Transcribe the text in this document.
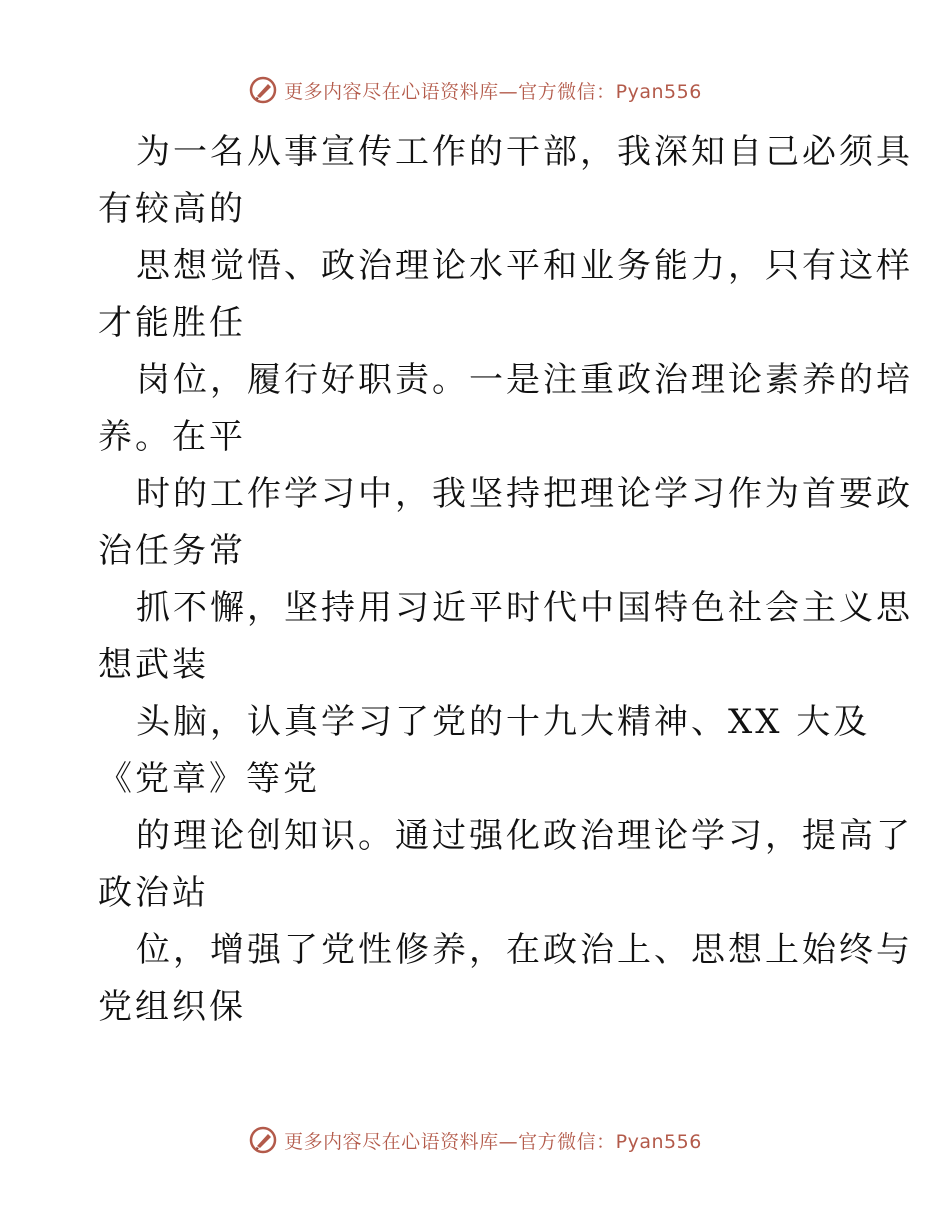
更多内容尽在心语资料库—官方微信：Pyan556

为一名从事宣传工作的干部，我深知自己必须具

有较高的

思想觉悟、政治理论水平和业务能力，只有这样

才能胜任

岗位，履行好职责。一是注重政治理论素养的培

养。在平

时的工作学习中，我坚持把理论学习作为首要政

治任务常

抓不懈，坚持用习近平时代中国特色社会主义思

想武装

头脑，认真学习了党的十九大精神、XX 大及

《党章》等党

的理论创知识。通过强化政治理论学习，提高了

政治站

位，增强了党性修养，在政治上、思想上始终与

党组织保

更多内容尽在心语资料库—官方微信：Pyan556
